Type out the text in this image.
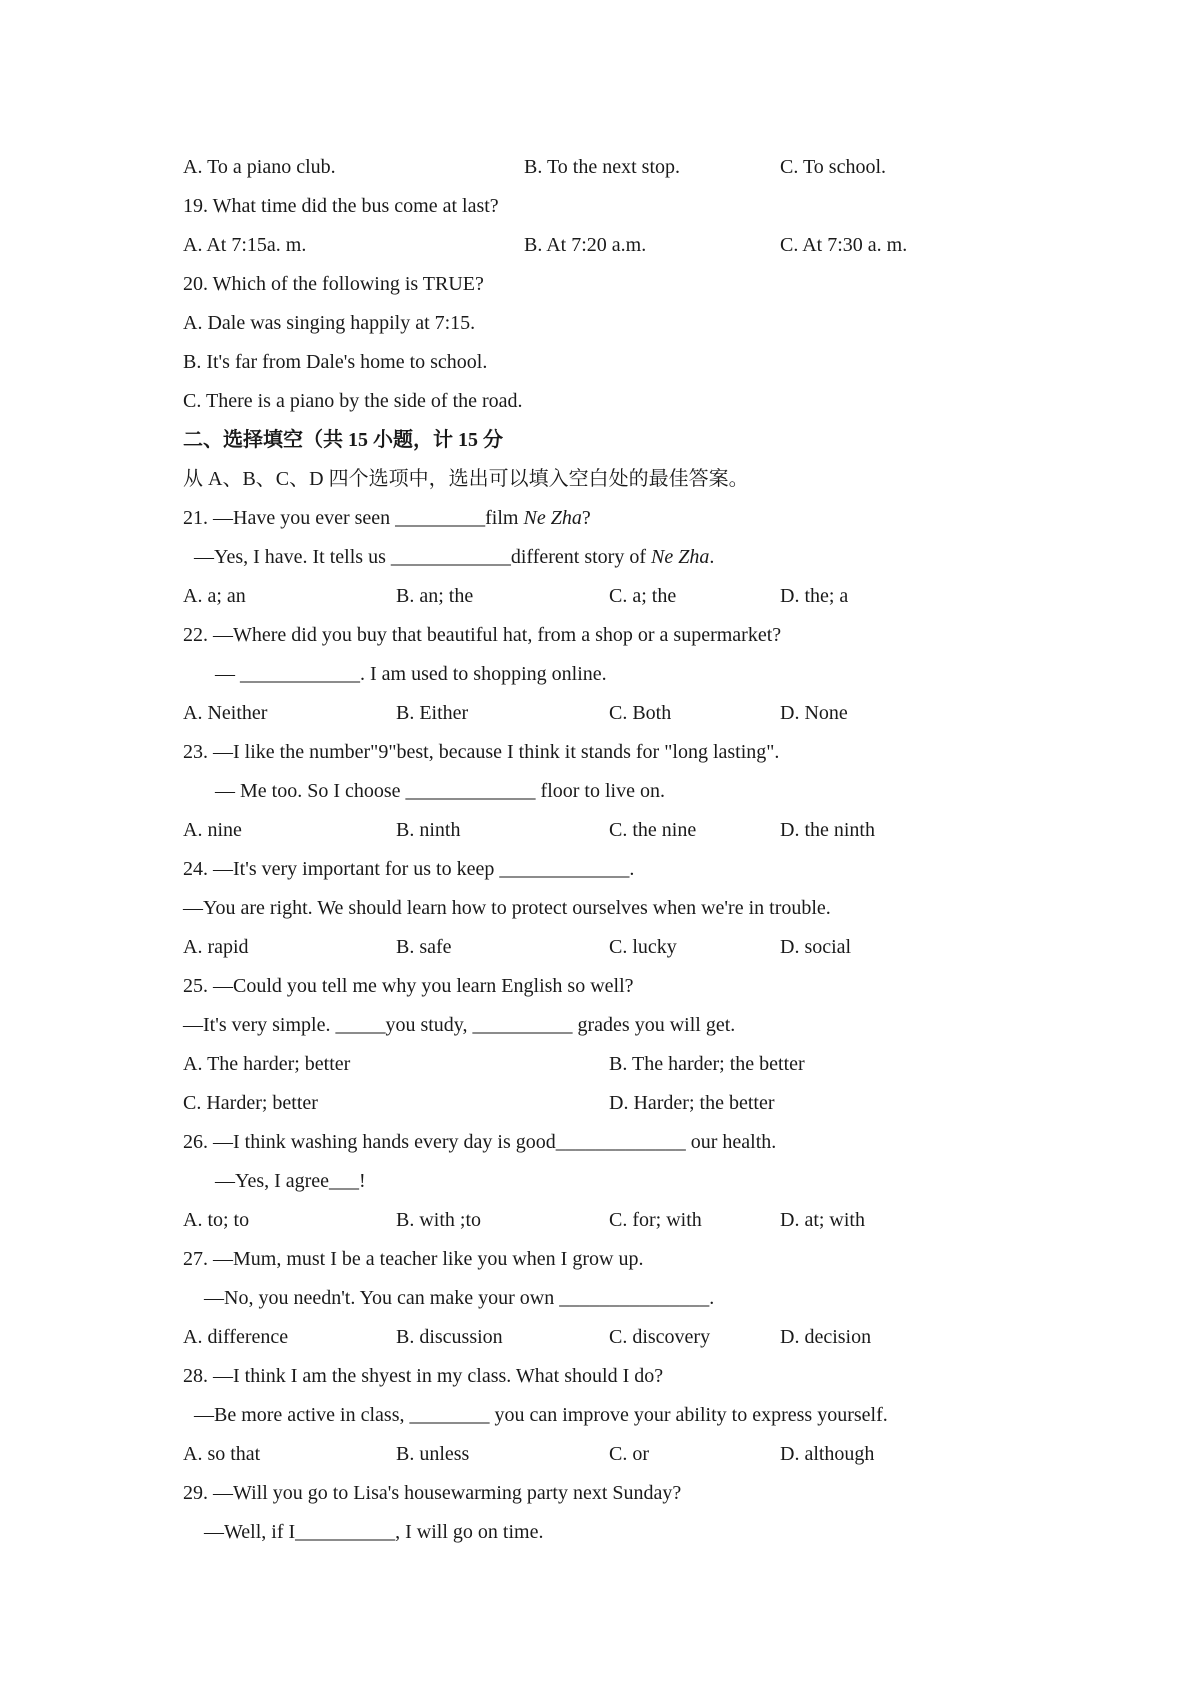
A. To a piano club.	B. To the next stop.	C. To school.
19. What time did the bus come at last?
A. At 7:15a. m.	B. At 7:20 a.m.	C. At 7:30 a. m.
20. Which of the following is TRUE?
A. Dale was singing happily at 7:15.
B. It's far from Dale's home to school.
C. There is a piano by the side of the road.
二、选择填空（共 15 小题，计 15 分
从 A、B、C、D 四个选项中，选出可以填入空白处的最佳答案。
21. —Have you ever seen _________film Ne Zha?
—Yes, I have. It tells us ____________different story of Ne Zha.
A. a; an	B. an; the	C. a; the	D. the; a
22. —Where did you buy that beautiful hat, from a shop or a supermarket?
— ____________. I am used to shopping online.
A. Neither	B. Either	C. Both	D. None
23. —I like the number"9"best, because I think it stands for "long lasting".
— Me too. So I choose _____________ floor to live on.
A. nine	B. ninth	C. the nine	D. the ninth
24. —It's very important for us to keep _____________.
—You are right. We should learn how to protect ourselves when we're in trouble.
A. rapid	B. safe	C. lucky	D. social
25. —Could you tell me why you learn English so well?
—It's very simple. _____you study, __________ grades you will get.
A. The harder; better	B. The harder; the better
C. Harder; better	D. Harder; the better
26. —I think washing hands every day is good_____________ our health.
—Yes, I agree___!
A. to; to	B. with ;to	C. for; with	D. at; with
27. —Mum, must I be a teacher like you when I grow up.
—No, you needn't. You can make your own _______________.
A. difference	B. discussion	C. discovery	D. decision
28. —I think I am the shyest in my class. What should I do?
—Be more active in class, ________ you can improve your ability to express yourself.
A. so that	B. unless	C. or	D. although
29. —Will you go to Lisa's housewarming party next Sunday?
—Well, if I__________, I will go on time.
